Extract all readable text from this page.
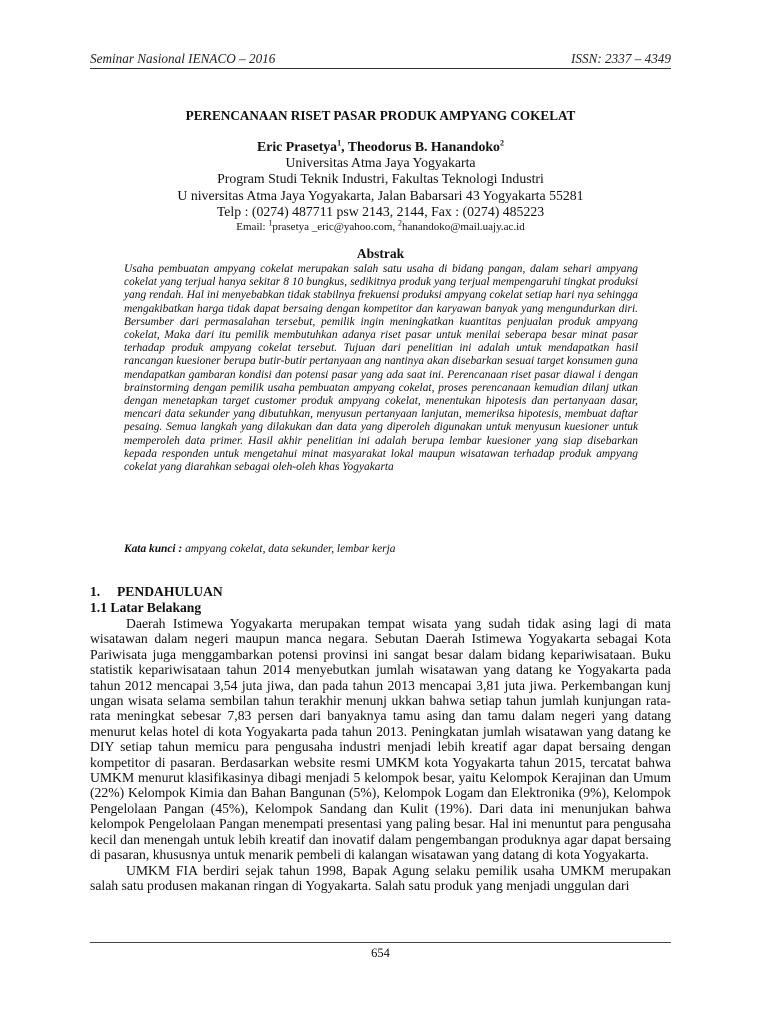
Seminar Nasional IENACO – 2016	ISSN: 2337 – 4349
PERENCANAAN RISET PASAR PRODUK AMPYANG COKELAT
Eric Prasetya$^1$, Theodorus B. Hanandoko$^2$
Universitas Atma Jaya Yogyakarta
Program Studi Teknik Industri, Fakultas Teknologi Industri
U niversitas Atma Jaya Yogyakarta, Jalan Babarsari 43 Yogyakarta 55281
Telp : (0274) 487711 psw 2143, 2144, Fax : (0274) 485223
Email: $^1$prasetya _eric@yahoo.com, $^2$hanandoko@mail.uajy.ac.id
Abstrak

Usaha pembuatan ampyang cokelat merupakan salah satu usaha di bidang pangan, dalam sehari ampyang cokelat yang terjual hanya sekitar 8 10 bungkus, sedikitnya produk yang terjual mempengaruhi tingkat produksi yang rendah. Hal ini menyebabkan tidak stabilnya frekuensi produksi ampyang cokelat setiap hari nya sehingga mengakibatkan harga tidak dapat bersaing dengan kompetitor dan karyawan banyak yang mengundurkan diri. Bersumber dari permasalahan tersebut, pemilik ingin meningkatkan kuantitas penjualan produk ampyang cokelat, Maka dari itu pemilik membutuhkan adanya riset pasar untuk menilai seberapa besar minat pasar terhadap produk ampyang cokelat tersebut. Tujuan dari penelitian ini adalah untuk mendapatkan hasil rancangan kuesioner berupa butir-butir pertanyaan ang nantinya akan disebarkan sesuai target konsumen guna mendapatkan gambaran kondisi dan potensi pasar yang ada saat ini. Perencanaan riset pasar diawal i dengan brainstorming dengan pemilik usaha pembuatan ampyang cokelat, proses perencanaan kemudian dilanj utkan dengan menetapkan target customer produk ampyang cokelat, menentukan hipotesis dan pertanyaan dasar, mencari data sekunder yang dibutuhkan, menyusun pertanyaan lanjutan, memeriksa hipotesis, membuat daftar pesaing. Semua langkah yang dilakukan dan data yang diperoleh digunakan untuk menyusun kuesioner untuk memperoleh data primer. Hasil akhir penelitian ini adalah berupa lembar kuesioner yang siap disebarkan kepada responden untuk mengetahui minat masyarakat lokal maupun wisatawan terhadap produk ampyang cokelat yang diarahkan sebagai oleh-oleh khas Yogyakarta

Kata kunci : ampyang cokelat, data sekunder, lembar kerja
1. PENDAHULUAN
1.1 Latar Belakang

Daerah Istimewa Yogyakarta merupakan tempat wisata yang sudah tidak asing lagi di mata wisatawan dalam negeri maupun manca negara. Sebutan Daerah Istimewa Yogyakarta sebagai Kota Pariwisata juga menggambarkan potensi provinsi ini sangat besar dalam bidang kepariwisataan. Buku statistik kepariwisataan tahun 2014 menyebutkan jumlah wisatawan yang datang ke Yogyakarta pada tahun 2012 mencapai 3,54 juta jiwa, dan pada tahun 2013 mencapai 3,81 juta jiwa. Perkembangan kunj ungan wisata selama sembilan tahun terakhir menunj ukkan bahwa setiap tahun jumlah kunjungan rata-rata meningkat sebesar 7,83 persen dari banyaknya tamu asing dan tamu dalam negeri yang datang menurut kelas hotel di kota Yogyakarta pada tahun 2013. Peningkatan jumlah wisatawan yang datang ke DIY setiap tahun memicu para pengusaha industri menjadi lebih kreatif agar dapat bersaing dengan kompetitor di pasaran. Berdasarkan website resmi UMKM kota Yogyakarta tahun 2015, tercatat bahwa UMKM menurut klasifikasinya dibagi menjadi 5 kelompok besar, yaitu Kelompok Kerajinan dan Umum (22%) Kelompok Kimia dan Bahan Bangunan (5%), Kelompok Logam dan Elektronika (9%), Kelompok Pengelolaan Pangan (45%), Kelompok Sandang dan Kulit (19%). Dari data ini menunjukan bahwa kelompok Pengelolaan Pangan menempati presentasi yang paling besar. Hal ini menuntut para pengusaha kecil dan menengah untuk lebih kreatif dan inovatif dalam pengembangan produknya agar dapat bersaing di pasaran, khususnya untuk menarik pembeli di kalangan wisatawan yang datang di kota Yogyakarta.

UMKM FIA berdiri sejak tahun 1998, Bapak Agung selaku pemilik usaha UMKM merupakan salah satu produsen makanan ringan di Yogyakarta. Salah satu produk yang menjadi unggulan dari

654
